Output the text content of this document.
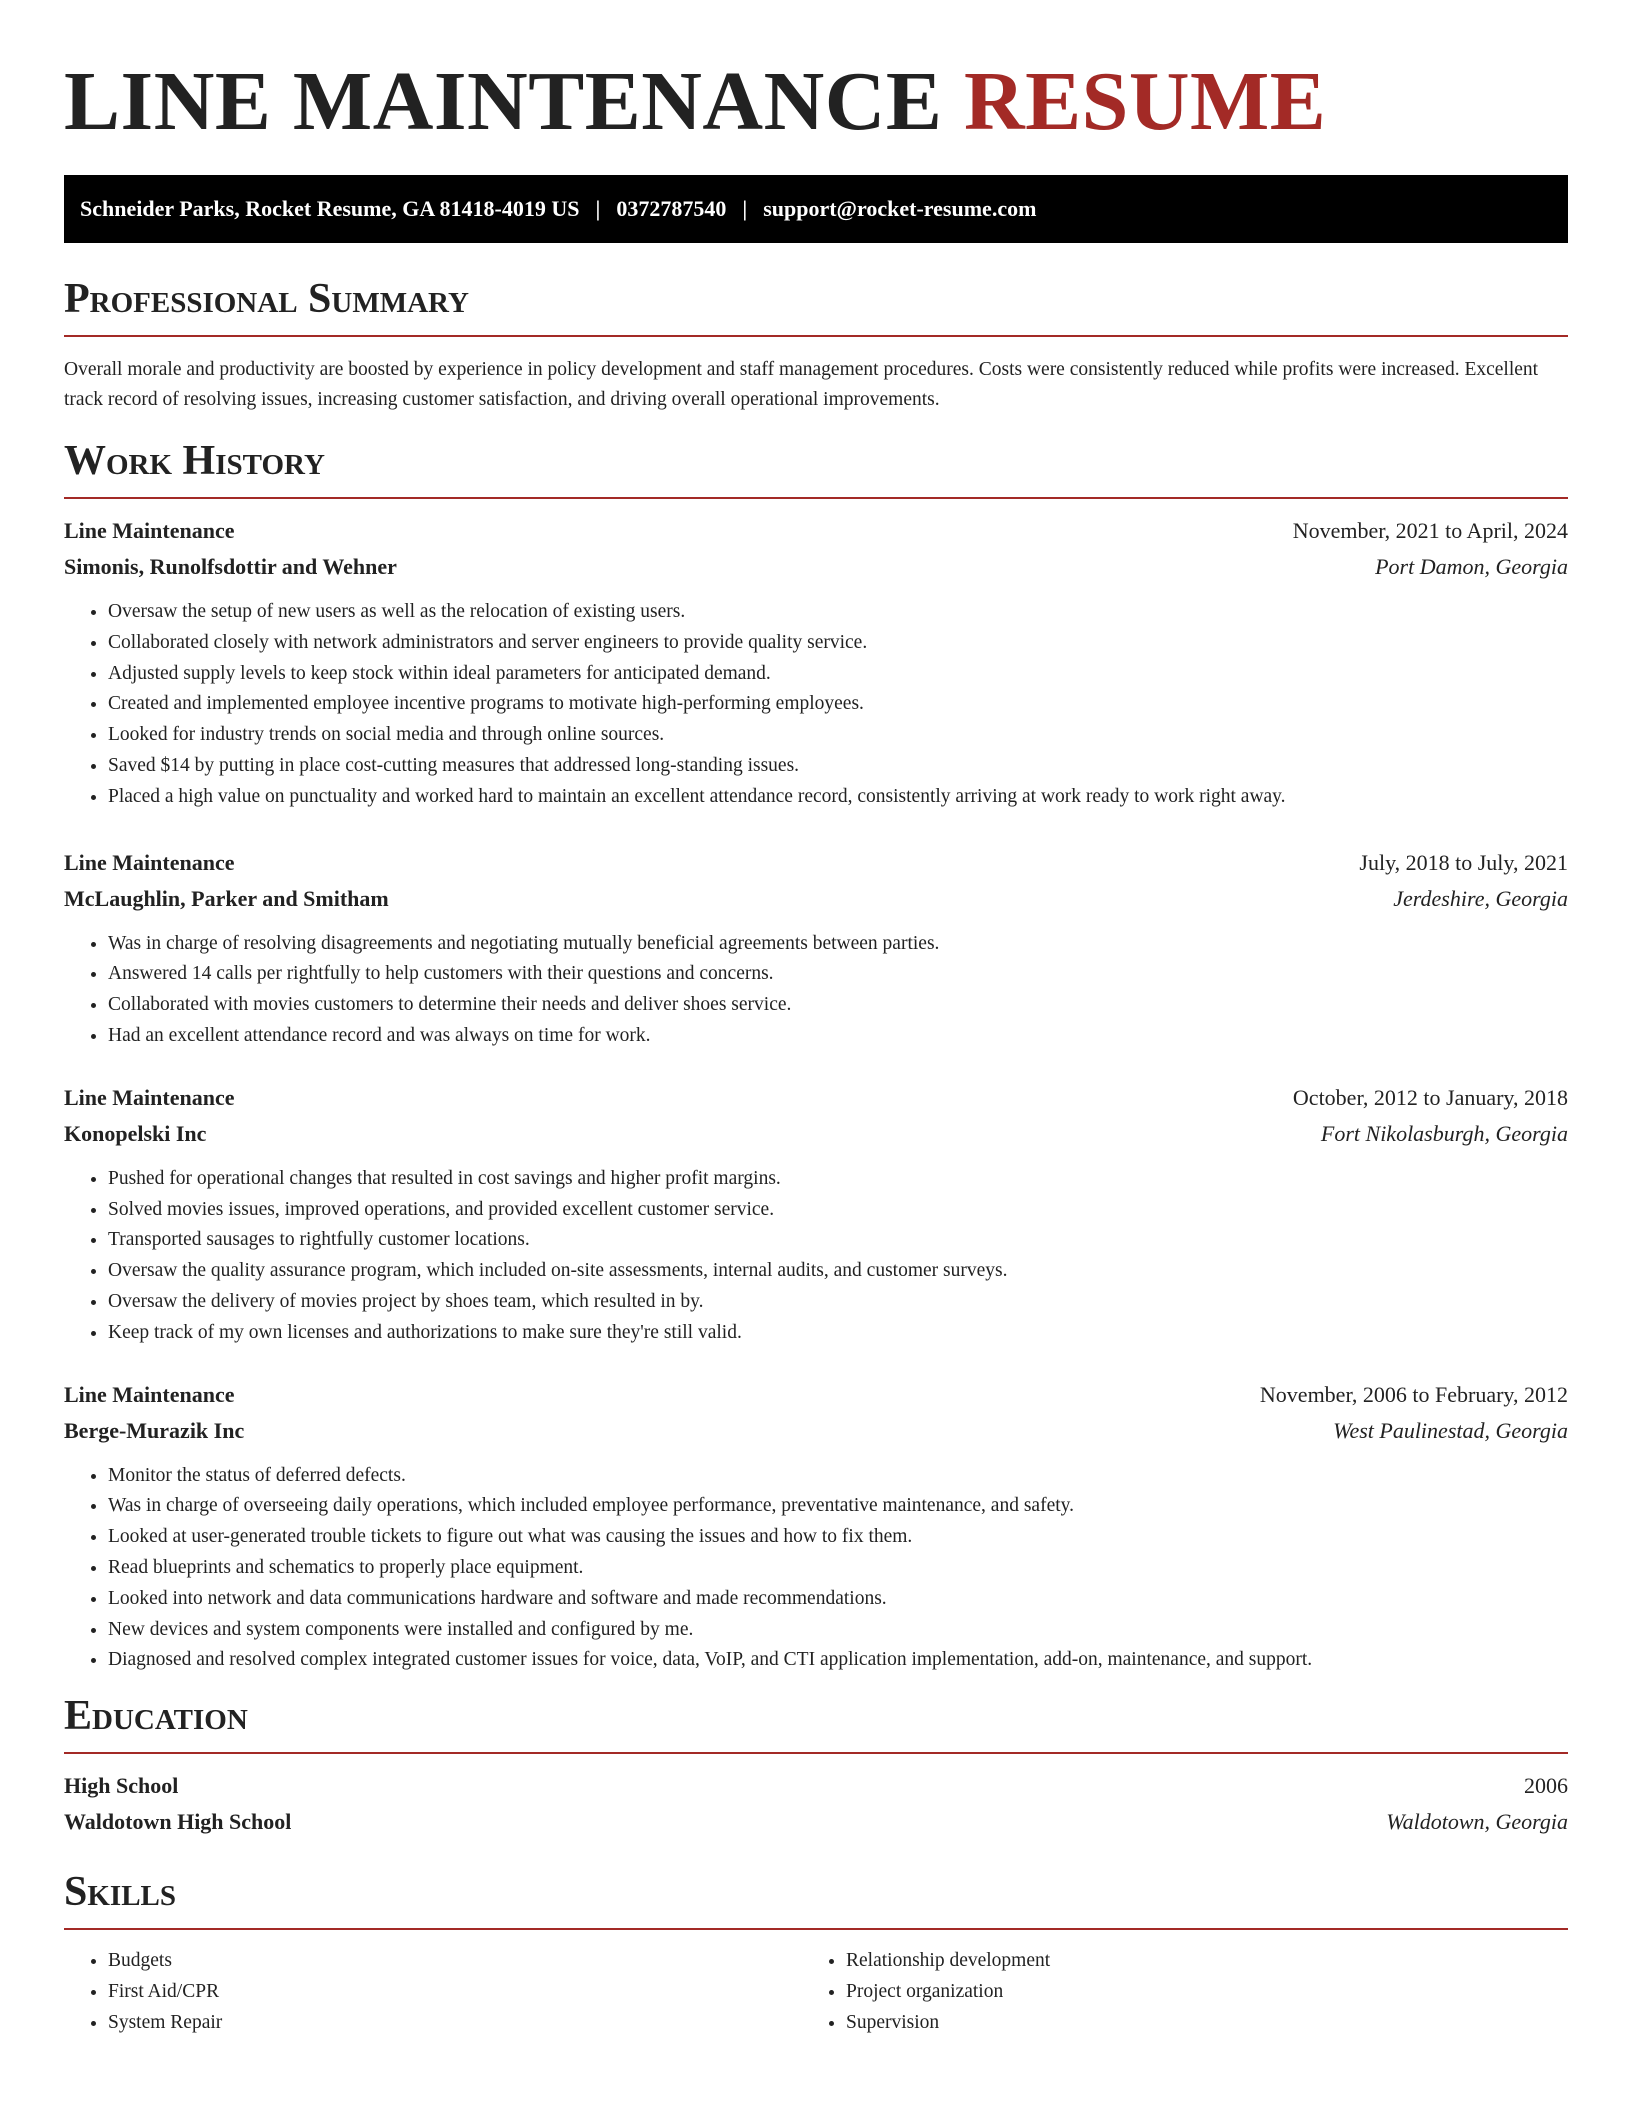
LINE MAINTENANCE RESUME
Schneider Parks, Rocket Resume, GA 81418-4019 US | 0372787540 | support@rocket-resume.com
Professional Summary

Overall morale and productivity are boosted by experience in policy development and staff management procedures. Costs were consistently reduced while profits were increased. Excellent track record of resolving issues, increasing customer satisfaction, and driving overall operational improvements.

Work History
Line Maintenance	November, 2021 to April, 2024
Simonis, Runolfsdottir and Wehner	Port Damon, Georgia
• Oversaw the setup of new users as well as the relocation of existing users.
• Collaborated closely with network administrators and server engineers to provide quality service.
• Adjusted supply levels to keep stock within ideal parameters for anticipated demand.
• Created and implemented employee incentive programs to motivate high-performing employees.
• Looked for industry trends on social media and through online sources.
• Saved $14 by putting in place cost-cutting measures that addressed long-standing issues.
• Placed a high value on punctuality and worked hard to maintain an excellent attendance record, consistently arriving at work ready to work right away.
Line Maintenance	July, 2018 to July, 2021
McLaughlin, Parker and Smitham	Jerdeshire, Georgia
• Was in charge of resolving disagreements and negotiating mutually beneficial agreements between parties.
• Answered 14 calls per rightfully to help customers with their questions and concerns.
• Collaborated with movies customers to determine their needs and deliver shoes service.
• Had an excellent attendance record and was always on time for work.
Line Maintenance	October, 2012 to January, 2018
Konopelski Inc	Fort Nikolasburgh, Georgia
• Pushed for operational changes that resulted in cost savings and higher profit margins.
• Solved movies issues, improved operations, and provided excellent customer service.
• Transported sausages to rightfully customer locations.
• Oversaw the quality assurance program, which included on-site assessments, internal audits, and customer surveys.
• Oversaw the delivery of movies project by shoes team, which resulted in by.
• Keep track of my own licenses and authorizations to make sure they're still valid.
Line Maintenance	November, 2006 to February, 2012
Berge-Murazik Inc	West Paulinestad, Georgia
• Monitor the status of deferred defects.
• Was in charge of overseeing daily operations, which included employee performance, preventative maintenance, and safety.
• Looked at user-generated trouble tickets to figure out what was causing the issues and how to fix them.
• Read blueprints and schematics to properly place equipment.
• Looked into network and data communications hardware and software and made recommendations.
• New devices and system components were installed and configured by me.
• Diagnosed and resolved complex integrated customer issues for voice, data, VoIP, and CTI application implementation, add-on, maintenance, and support.
Education
High School	2006
Waldotown High School	Waldotown, Georgia
Skills
• Budgets
• First Aid/CPR
• System Repair
• Relationship development
• Project organization
• Supervision
